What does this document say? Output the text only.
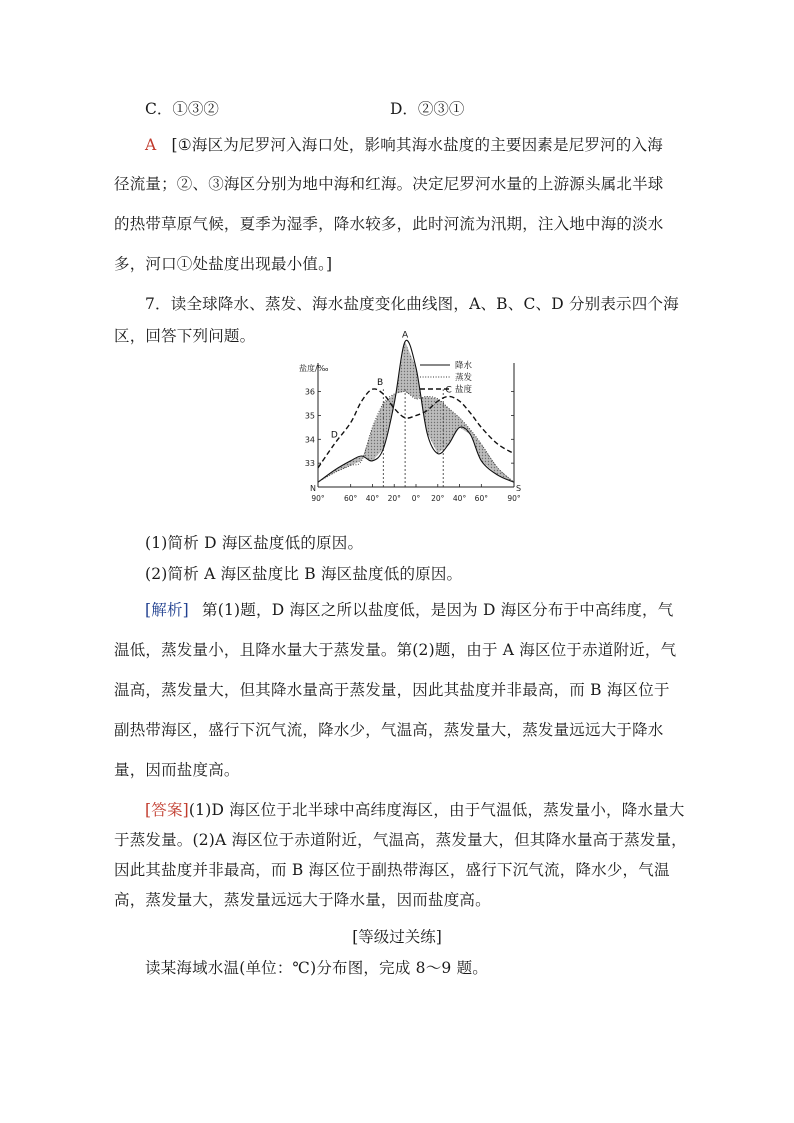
C．①③②	D．②③①
A [①海区为尼罗河入海口处，影响其海水盐度的主要因素是尼罗河的入海
径流量；②、③海区分别为地中海和红海。决定尼罗河水量的上游源头属北半球
的热带草原气候，夏季为湿季，降水较多，此时河流为汛期，注入地中海的淡水
多，河口①处盐度出现最小值。]
7．读全球降水、蒸发、海水盐度变化曲线图，A、B、C、D 分别表示四个海
区，回答下列问题。
33
34
35
36
盐度/‰
90°	60° 40° 20° 0° 20° 40° 60°	90°
N	S
A
B
C
D
降水
蒸发
盐度
(1)简析 D 海区盐度低的原因。
(2)简析 A 海区盐度比 B 海区盐度低的原因。
[解析] 第(1)题，D 海区之所以盐度低，是因为 D 海区分布于中高纬度，气
温低，蒸发量小，且降水量大于蒸发量。第(2)题，由于 A 海区位于赤道附近，气
温高，蒸发量大，但其降水量高于蒸发量，因此其盐度并非最高，而 B 海区位于
副热带海区，盛行下沉气流，降水少，气温高，蒸发量大，蒸发量远远大于降水
量，因而盐度高。
[答案](1)D 海区位于北半球中高纬度海区，由于气温低，蒸发量小，降水量大
于蒸发量。(2)A 海区位于赤道附近，气温高，蒸发量大，但其降水量高于蒸发量，
因此其盐度并非最高，而 B 海区位于副热带海区，盛行下沉气流，降水少，气温
高，蒸发量大，蒸发量远远大于降水量，因而盐度高。
[等级过关练]
读某海域水温(单位：℃)分布图，完成 8～9 题。
